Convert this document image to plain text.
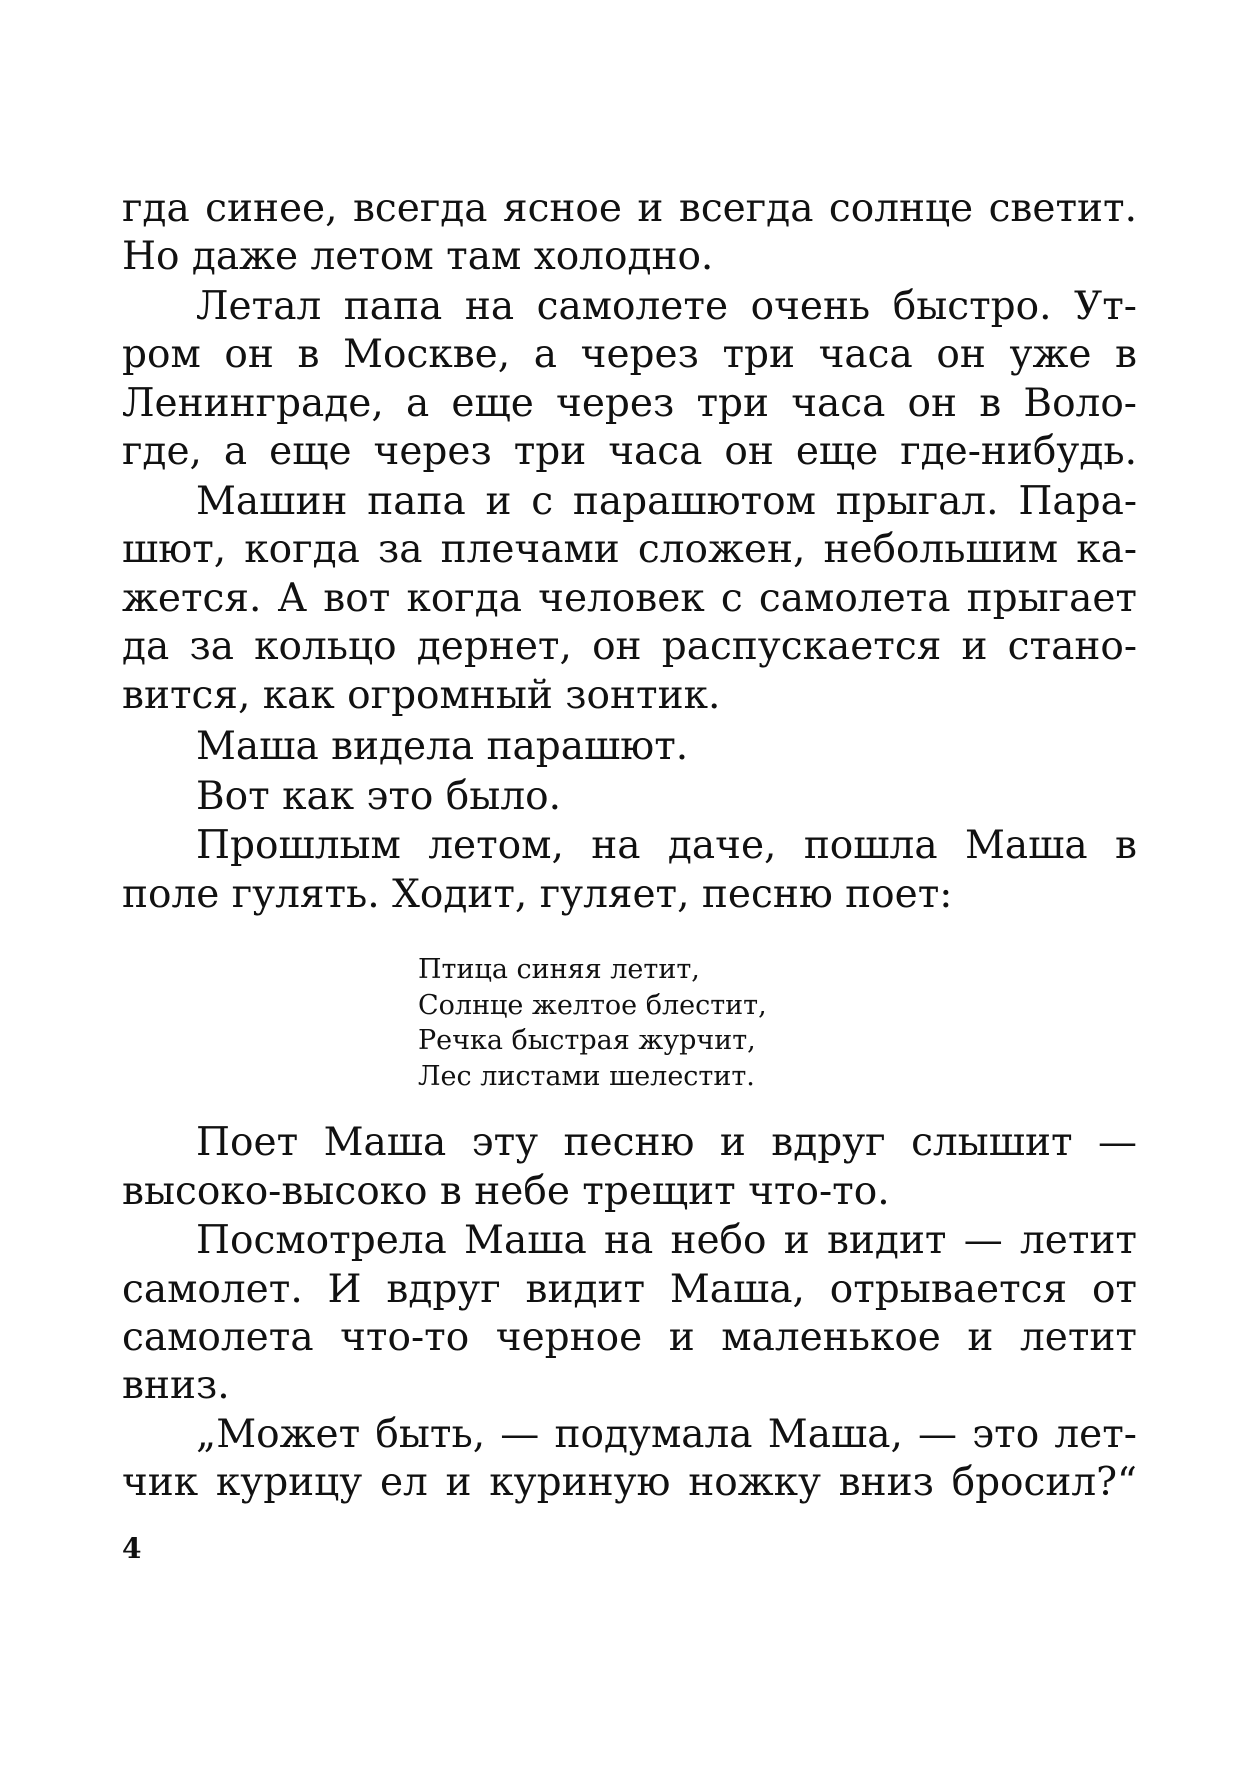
гда синее, всегда ясное и всегда солнце светит.

Но даже летом там холодно.

Летал папа на самолете очень быстро. Ут-

ром он в Москве, а через три часа он уже в

Ленинграде, а еще через три часа он в Воло-

где, а еще через три часа он еще где-нибудь.

Машин папа и с парашютом прыгал. Пара-

шют, когда за плечами сложен, небольшим ка-

жется. А вот когда человек с самолета прыгает

да за кольцо дернет, он распускается и стано-

вится, как огромный зонтик.

Маша видела парашют.

Вот как это было.

Прошлым летом, на даче, пошла Маша в

поле гулять. Ходит, гуляет, песню поет:

Птица синяя летит,

Солнце желтое блестит,

Речка быстрая журчит,

Лес листами шелестит.

Поет Маша эту песню и вдруг слышит —

высоко-высоко в небе трещит что-то.

Посмотрела Маша на небо и видит — летит

самолет. И вдруг видит Маша, отрывается от

самолета что-то черное и маленькое и летит

вниз.

„Может быть, — подумала Маша, — это лет-

чик курицу ел и куриную ножку вниз бросил?“

4
